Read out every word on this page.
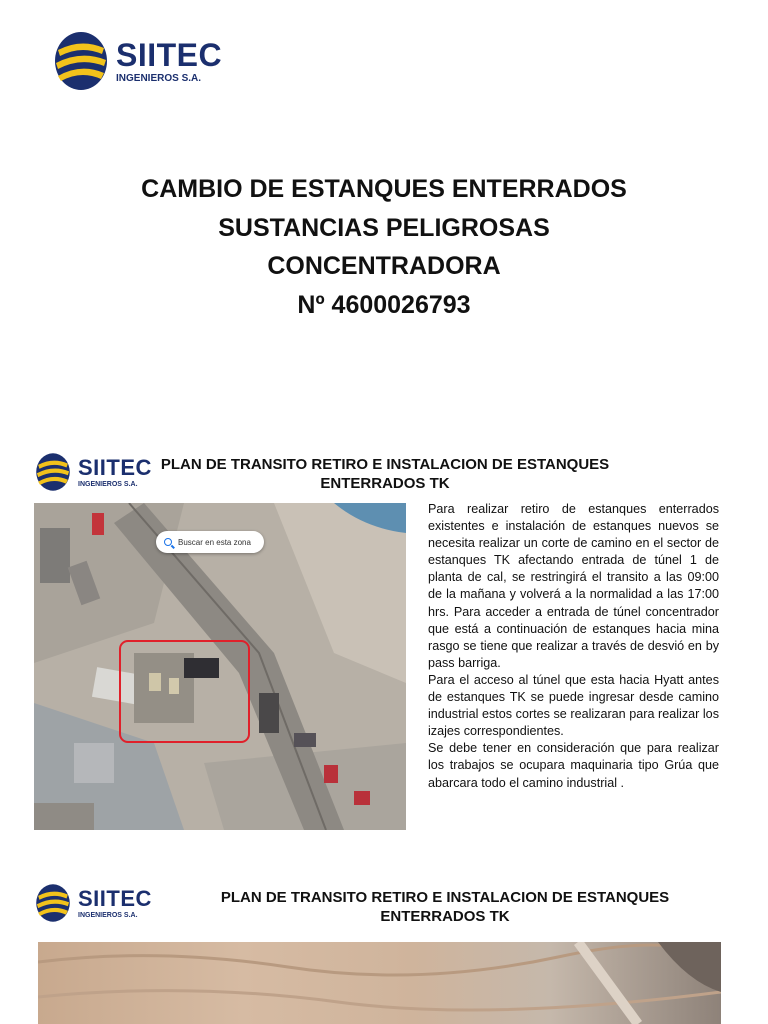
SIITEC
INGENIEROS S.A.
CAMBIO DE ESTANQUES ENTERRADOS
SUSTANCIAS PELIGROSAS
CONCENTRADORA
Nº 4600026793
SIITEC
INGENIEROS S.A.
PLAN DE TRANSITO RETIRO E INSTALACION DE ESTANQUES
ENTERRADOS TK
Buscar en esta zona

Para realizar retiro de estanques enterrados existentes e instalación de estanques nuevos se necesita realizar un corte de camino en el sector de estanques TK afectando entrada de túnel 1 de planta de cal, se restringirá el transito a las 09:00 de la mañana y volverá a la normalidad a las 17:00 hrs. Para acceder a entrada de túnel concentrador que está a continuación de estanques hacia mina rasgo se tiene que realizar a través de desvió en by pass barriga.

Para el acceso al túnel que esta hacia Hyatt antes de estanques TK se puede ingresar desde camino industrial estos cortes se realizaran para realizar los izajes correspondientes.

Se debe tener en consideración que para realizar los trabajos se ocupara maquinaria tipo Grúa que abarcara todo el camino industrial .

SIITEC
INGENIEROS S.A.
PLAN DE TRANSITO RETIRO E INSTALACION DE ESTANQUES
ENTERRADOS TK
